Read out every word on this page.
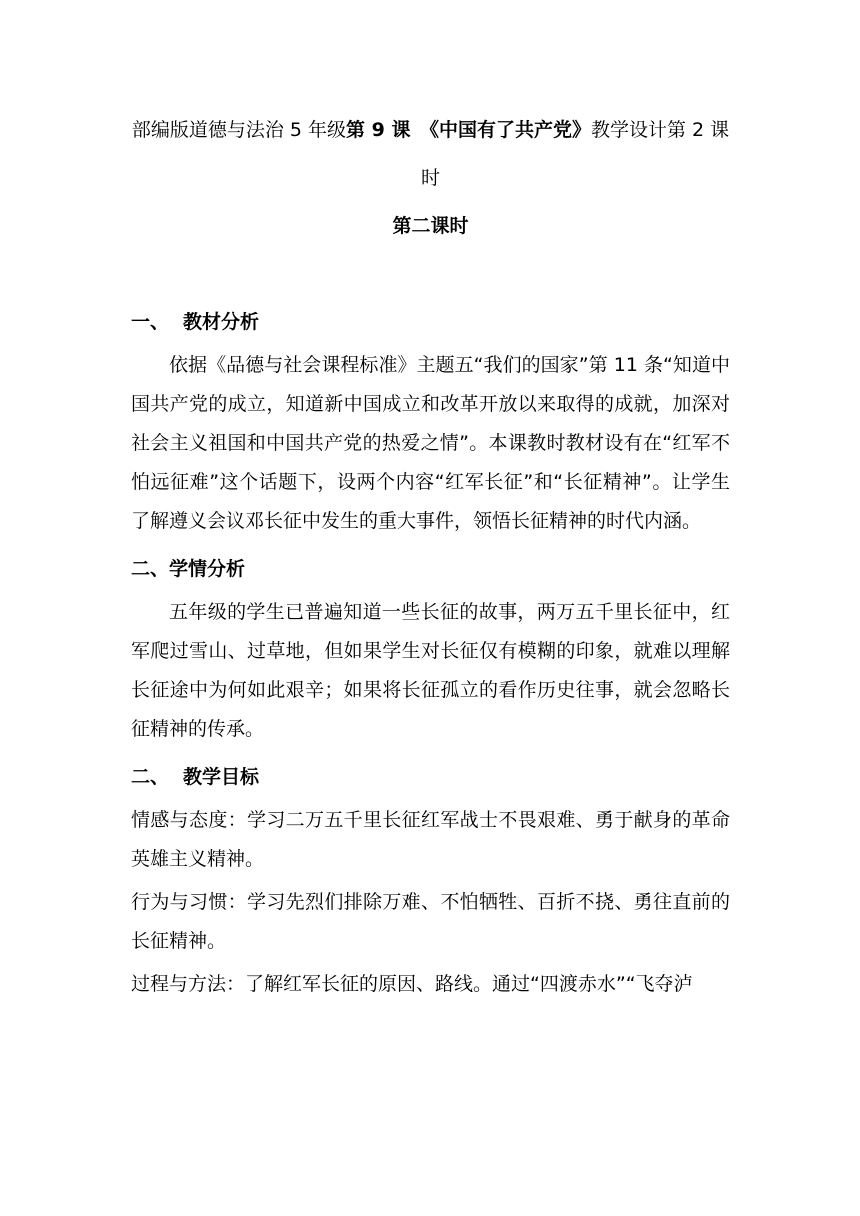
部编版道德与法治 5 年级第 9 课　《中国有了共产党》教学设计第 2 课时

第二课时

一、 教材分析

依据《品德与社会课程标准》主题五“我们的国家”第 11 条“知道中国共产党的成立，知道新中国成立和改革开放以来取得的成就，加深对社会主义祖国和中国共产党的热爱之情”。本课教时教材设有在“红军不怕远征难”这个话题下，设两个内容“红军长征”和“长征精神”。让学生了解遵义会议邓长征中发生的重大事件，领悟长征精神的时代内涵。

二、学情分析

五年级的学生已普遍知道一些长征的故事，两万五千里长征中，红军爬过雪山、过草地，但如果学生对长征仅有模糊的印象，就难以理解长征途中为何如此艰辛；如果将长征孤立的看作历史往事，就会忽略长征精神的传承。

二、 教学目标

情感与态度：学习二万五千里长征红军战士不畏艰难、勇于献身的革命英雄主义精神。

行为与习惯：学习先烈们排除万难、不怕牺牲、百折不挠、勇往直前的长征精神。

过程与方法：了解红军长征的原因、路线。通过“四渡赤水”“飞夺泸
